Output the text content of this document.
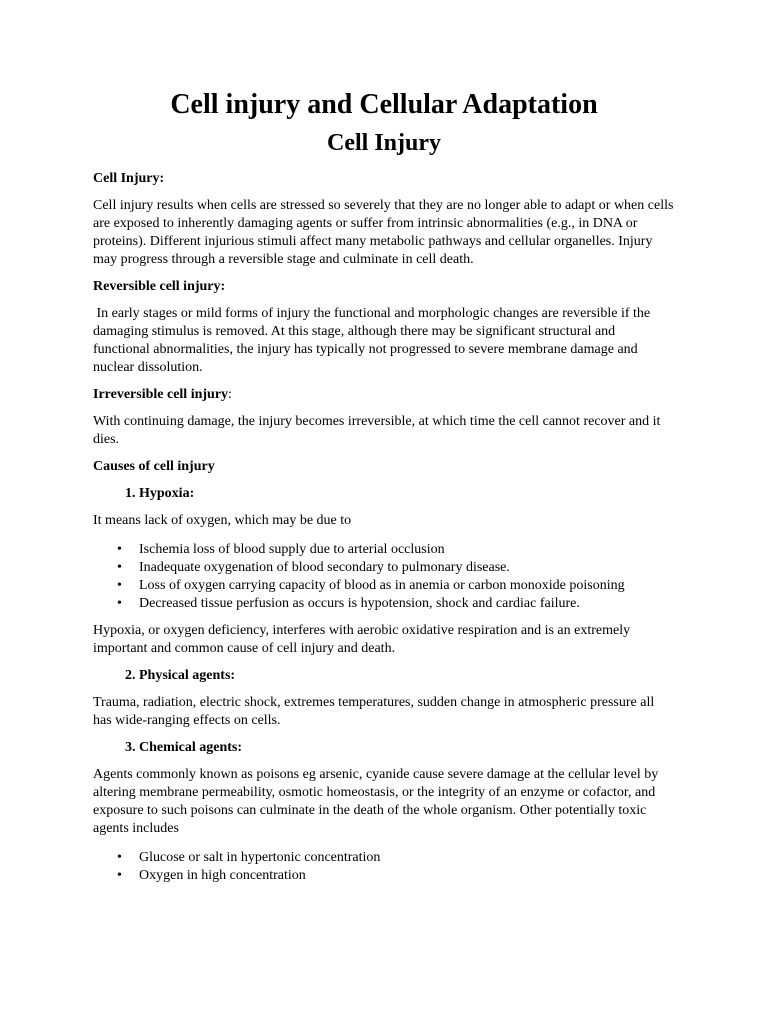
Cell injury and Cellular Adaptation
Cell Injury

Cell Injury:

Cell injury results when cells are stressed so severely that they are no longer able to adapt or when cells are exposed to inherently damaging agents or suffer from intrinsic abnormalities (e.g., in DNA or proteins). Different injurious stimuli affect many metabolic pathways and cellular organelles. Injury may progress through a reversible stage and culminate in cell death.

Reversible cell injury:

In early stages or mild forms of injury the functional and morphologic changes are reversible if the damaging stimulus is removed. At this stage, although there may be significant structural and functional abnormalities, the injury has typically not progressed to severe membrane damage and nuclear dissolution.

Irreversible cell injury:

With continuing damage, the injury becomes irreversible, at which time the cell cannot recover and it dies.

Causes of cell injury

1. Hypoxia:

It means lack of oxygen, which may be due to

• Ischemia loss of blood supply due to arterial occlusion
• Inadequate oxygenation of blood secondary to pulmonary disease.
• Loss of oxygen carrying capacity of blood as in anemia or carbon monoxide poisoning
• Decreased tissue perfusion as occurs is hypotension, shock and cardiac failure.

Hypoxia, or oxygen deficiency, interferes with aerobic oxidative respiration and is an extremely important and common cause of cell injury and death.

2. Physical agents:

Trauma, radiation, electric shock, extremes temperatures, sudden change in atmospheric pressure all has wide-ranging effects on cells.

3. Chemical agents:

Agents commonly known as poisons eg arsenic, cyanide cause severe damage at the cellular level by altering membrane permeability, osmotic homeostasis, or the integrity of an enzyme or cofactor, and exposure to such poisons can culminate in the death of the whole organism. Other potentially toxic agents includes

• Glucose or salt in hypertonic concentration
• Oxygen in high concentration
